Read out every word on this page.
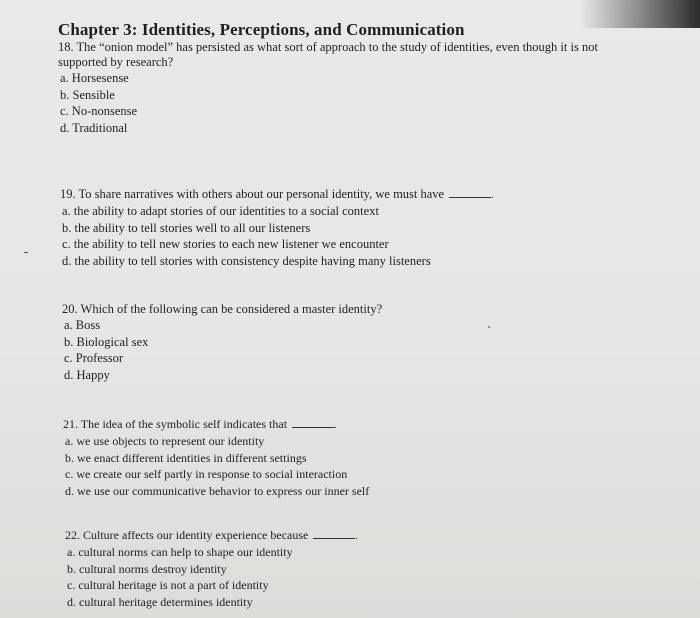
Chapter 3: Identities, Perceptions, and Communication

18. The “onion model” has persisted as what sort of approach to the study of identities, even though it is not supported by research?

a. Horsesense

b. Sensible

c. No-nonsense

d. Traditional

19. To share narratives with others about our personal identity, we must have	.

a. the ability to adapt stories of our identities to a social context

b. the ability to tell stories well to all our listeners

c. the ability to tell new stories to each new listener we encounter

d. the ability to tell stories with consistency despite having many listeners

20. Which of the following can be considered a master identity?

a. Boss

b. Biological sex

c. Professor

d. Happy

21. The idea of the symbolic self indicates that	.

a. we use objects to represent our identity

b. we enact different identities in different settings

c. we create our self partly in response to social interaction

d. we use our communicative behavior to express our inner self

22. Culture affects our identity experience because	.

a. cultural norms can help to shape our identity

b. cultural norms destroy identity

c. cultural heritage is not a part of identity

d. cultural heritage determines identity
